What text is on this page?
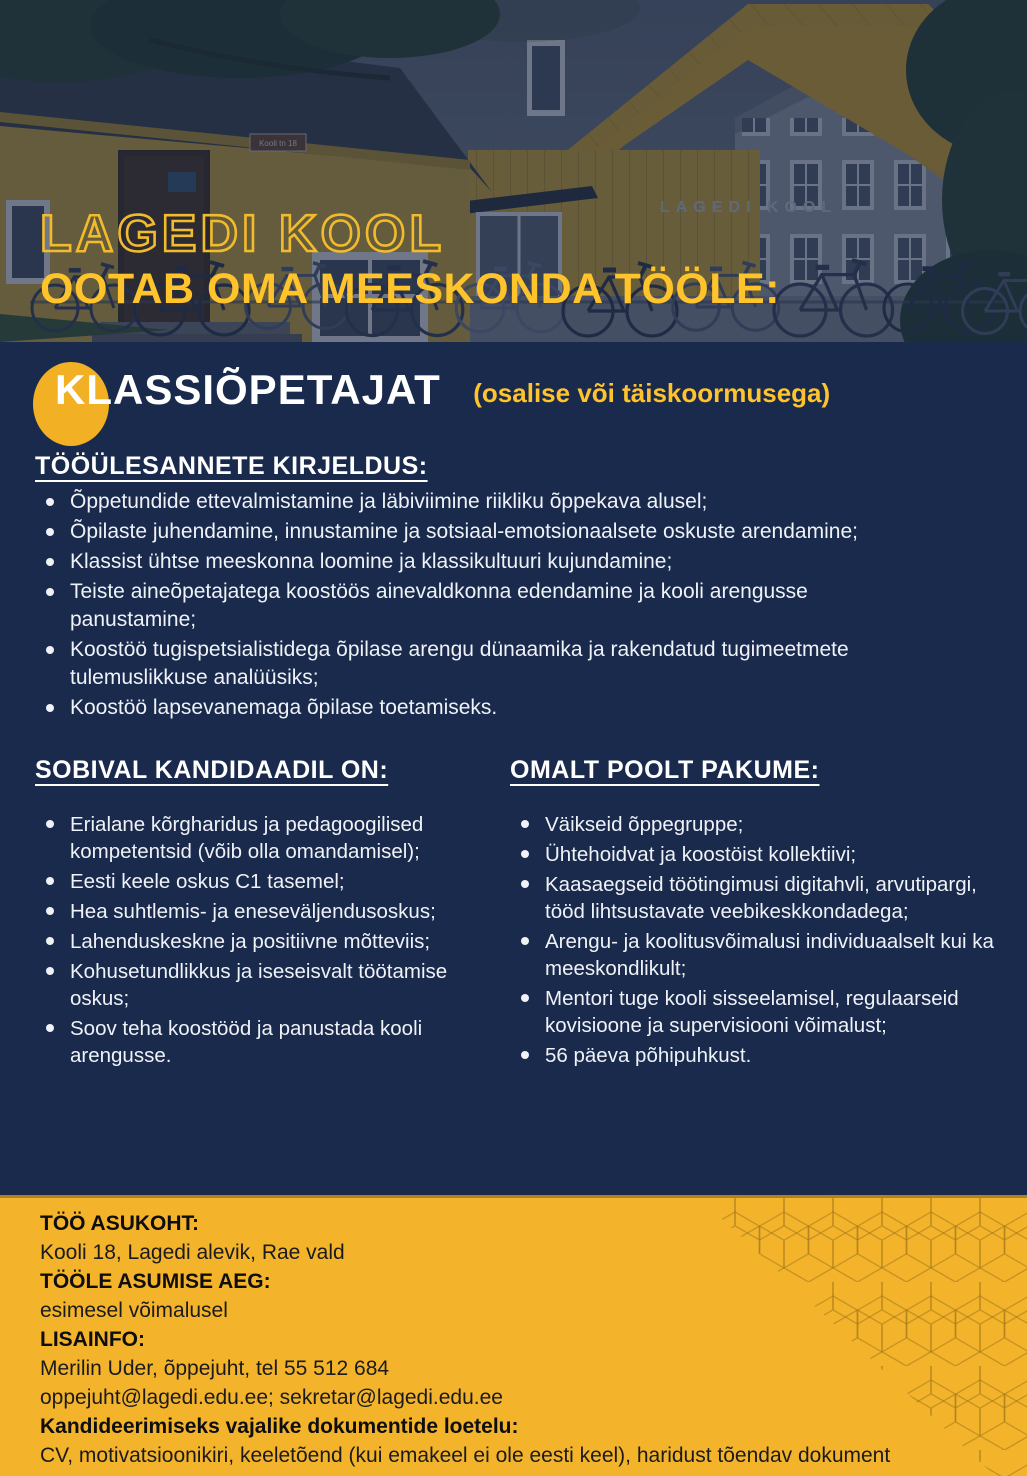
LAGEDI KOOL
OOTAB OMA MEESKONDA TÖÖLE:
KLASSIÕPETAJAT (osalise või täiskoormusega)
TÖÖÜLESANNETE KIRJELDUS:
Õppetundide ettevalmistamine ja läbiviimine riikliku õppekava alusel;
Õpilaste juhendamine, innustamine ja sotsiaal-emotsionaalsete oskuste arendamine;
Klassist ühtse meeskonna loomine ja klassikultuuri kujundamine;
Teiste aineõpetajatega koostöös ainevaldkonna edendamine ja kooli arengusse panustamine;
Koostöö tugispetsialistidega õpilase arengu dünaamika ja rakendatud tugimeetmete tulemuslikkuse analüüsiks;
Koostöö lapsevanemaga õpilase toetamiseks.
SOBIVAL KANDIDAADIL ON:
Erialane kõrgharidus ja pedagoogilised kompetentsid (võib olla omandamisel);
Eesti keele oskus C1 tasemel;
Hea suhtlemis- ja eneseväljendusoskus;
Lahenduskeskne ja positiivne mõtteviis;
Kohusetundlikkus ja iseseisvalt töötamise oskus;
Soov teha koostööd ja panustada kooli arengusse.
OMALT POOLT PAKUME:
Väikseid õppegruppe;
Ühtehoidvat ja koostöist kollektiivi;
Kaasaegseid töötingimusi digitahvli, arvutipargi, tööd lihtsustavate veebikeskkondadega;
Arengu- ja koolitusvõimalusi individuaalselt kui ka meeskondlikult;
Mentori tuge kooli sisseelamisel, regulaarseid kovisioone ja supervisiooni võimalust;
56 päeva põhipuhkust.
TÖÖ ASUKOHT:
Kooli 18, Lagedi alevik, Rae vald
TÖÖLE ASUMISE AEG:
esimesel võimalusel
LISAINFO:
Merilin Uder, õppejuht, tel 55 512 684
oppejuht@lagedi.edu.ee; sekretar@lagedi.edu.ee
Kandideerimiseks vajalike dokumentide loetelu:
CV, motivatsioonikiri, keeletõend (kui emakeel ei ole eesti keel), haridust tõendav dokument
